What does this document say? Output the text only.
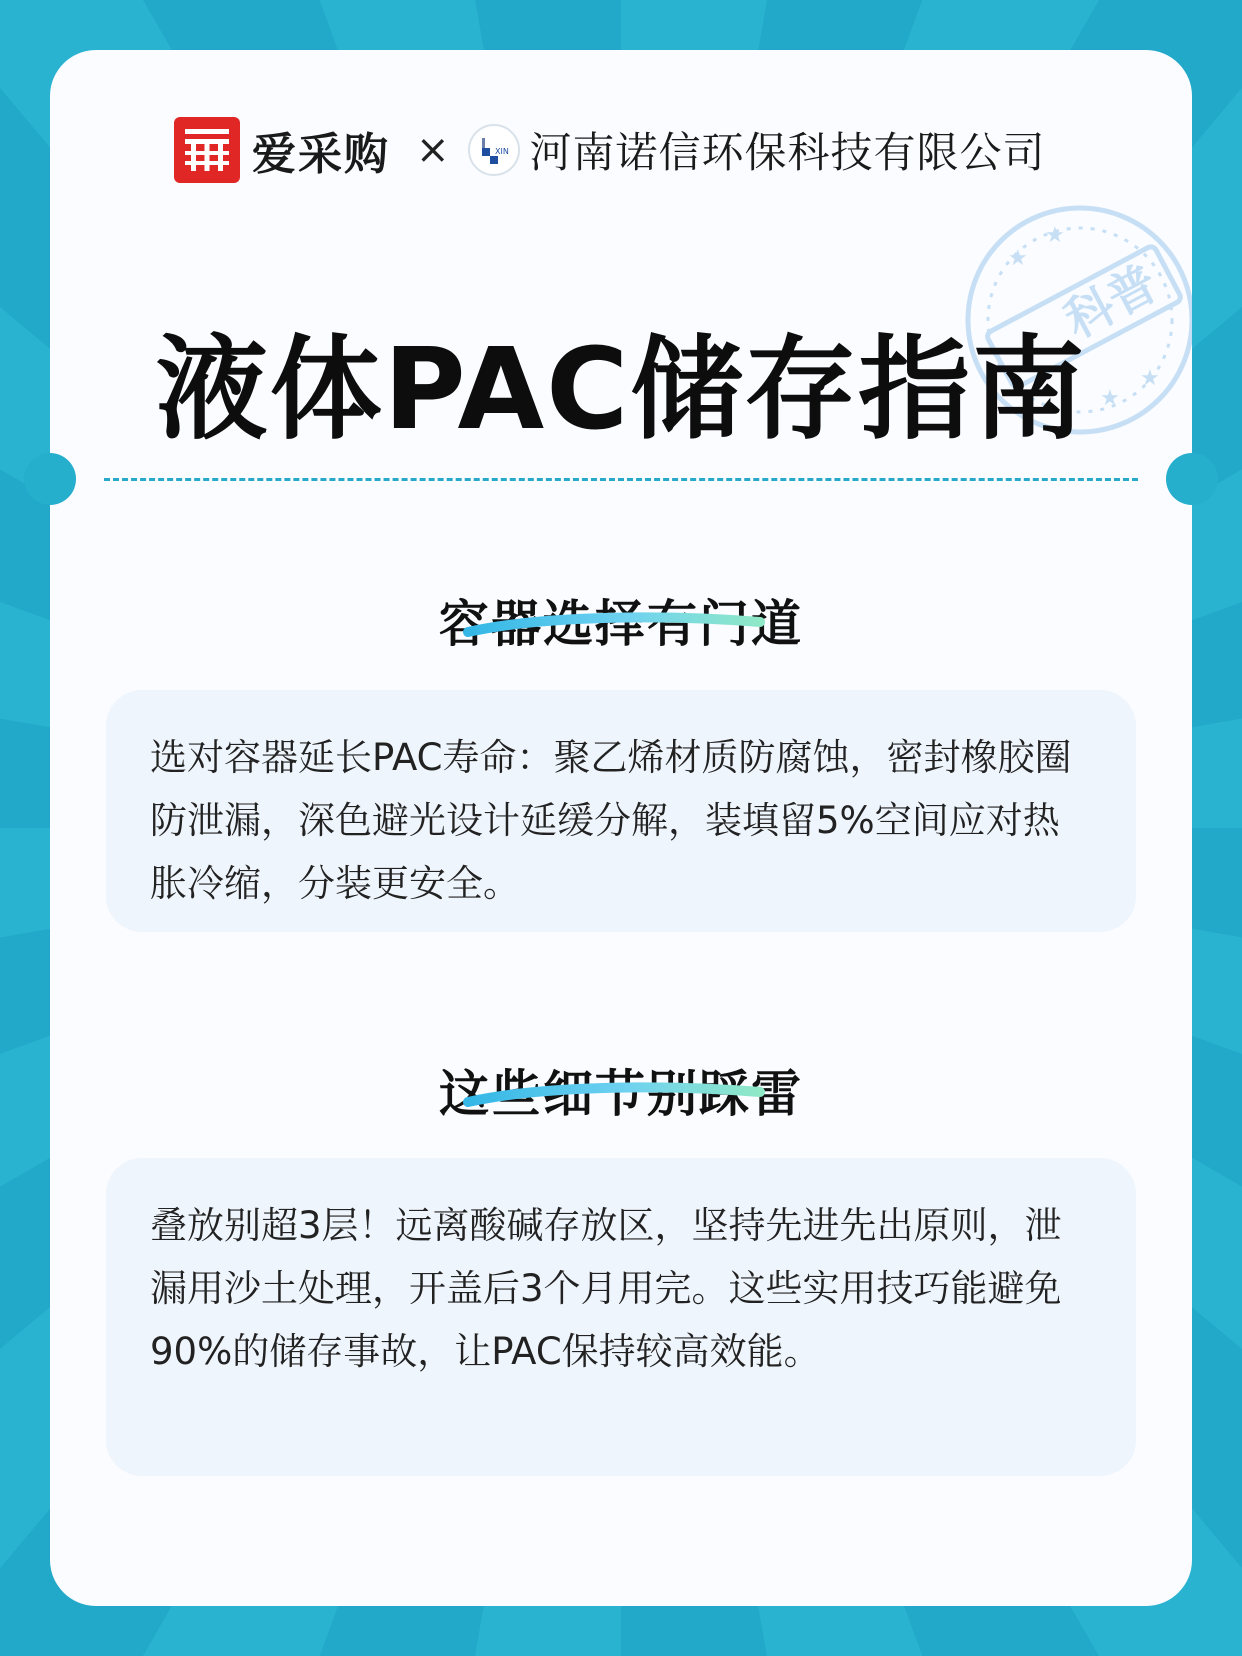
爱采购 ×	XIN 河南诺信环保科技有限公司
科普
★
★
★
★
液体PAC储存指南
容器选择有门道

选对容器延长PAC寿命：聚乙烯材质防腐蚀，密封橡胶圈防泄漏，深色避光设计延缓分解，装填留5%空间应对热胀冷缩，分装更安全。

这些细节别踩雷

叠放别超3层！远离酸碱存放区，坚持先进先出原则，泄漏用沙土处理，开盖后3个月用完。这些实用技巧能避免90%的储存事故，让PAC保持较高效能。
